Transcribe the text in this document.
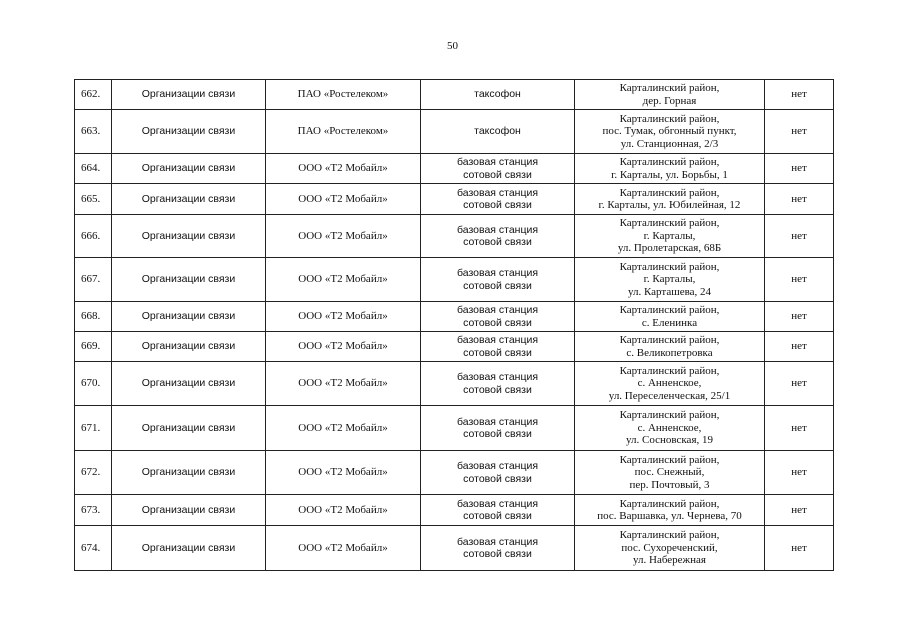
50
662.	Организации связи	ПАО «Ростелеком»	таксофон	Карталинский район,
дер. Горная	нет
663.	Организации связи	ПАО «Ростелеком»	таксофон	Карталинский район,
пос. Тумак, обгонный пункт,
ул. Станционная, 2/3	нет
664.	Организации связи	ООО «Т2 Мобайл»	базовая станция
сотовой связи	Карталинский район,
г. Карталы, ул. Борьбы, 1	нет
665.	Организации связи	ООО «Т2 Мобайл»	базовая станция
сотовой связи	Карталинский район,
г. Карталы, ул. Юбилейная, 12	нет
666.	Организации связи	ООО «Т2 Мобайл»	базовая станция
сотовой связи	Карталинский район,
г. Карталы,
ул. Пролетарская, 68Б	нет
667.	Организации связи	ООО «Т2 Мобайл»	базовая станция
сотовой связи	Карталинский район,
г. Карталы,
ул. Карташева, 24	нет
668.	Организации связи	ООО «Т2 Мобайл»	базовая станция
сотовой связи	Карталинский район,
с. Еленинка	нет
669.	Организации связи	ООО «Т2 Мобайл»	базовая станция
сотовой связи	Карталинский район,
с. Великопетровка	нет
670.	Организации связи	ООО «Т2 Мобайл»	базовая станция
сотовой связи	Карталинский район,
с. Анненское,
ул. Переселенческая, 25/1	нет
671.	Организации связи	ООО «Т2 Мобайл»	базовая станция
сотовой связи	Карталинский район,
с. Анненское,
ул. Сосновская, 19	нет
672.	Организации связи	ООО «Т2 Мобайл»	базовая станция
сотовой связи	Карталинский район,
пос. Снежный,
пер. Почтовый, 3	нет
673.	Организации связи	ООО «Т2 Мобайл»	базовая станция
сотовой связи	Карталинский район,
пос. Варшавка, ул. Чернева, 70	нет
674.	Организации связи	ООО «Т2 Мобайл»	базовая станция
сотовой связи	Карталинский район,
пос. Сухореченский,
ул. Набережная	нет
